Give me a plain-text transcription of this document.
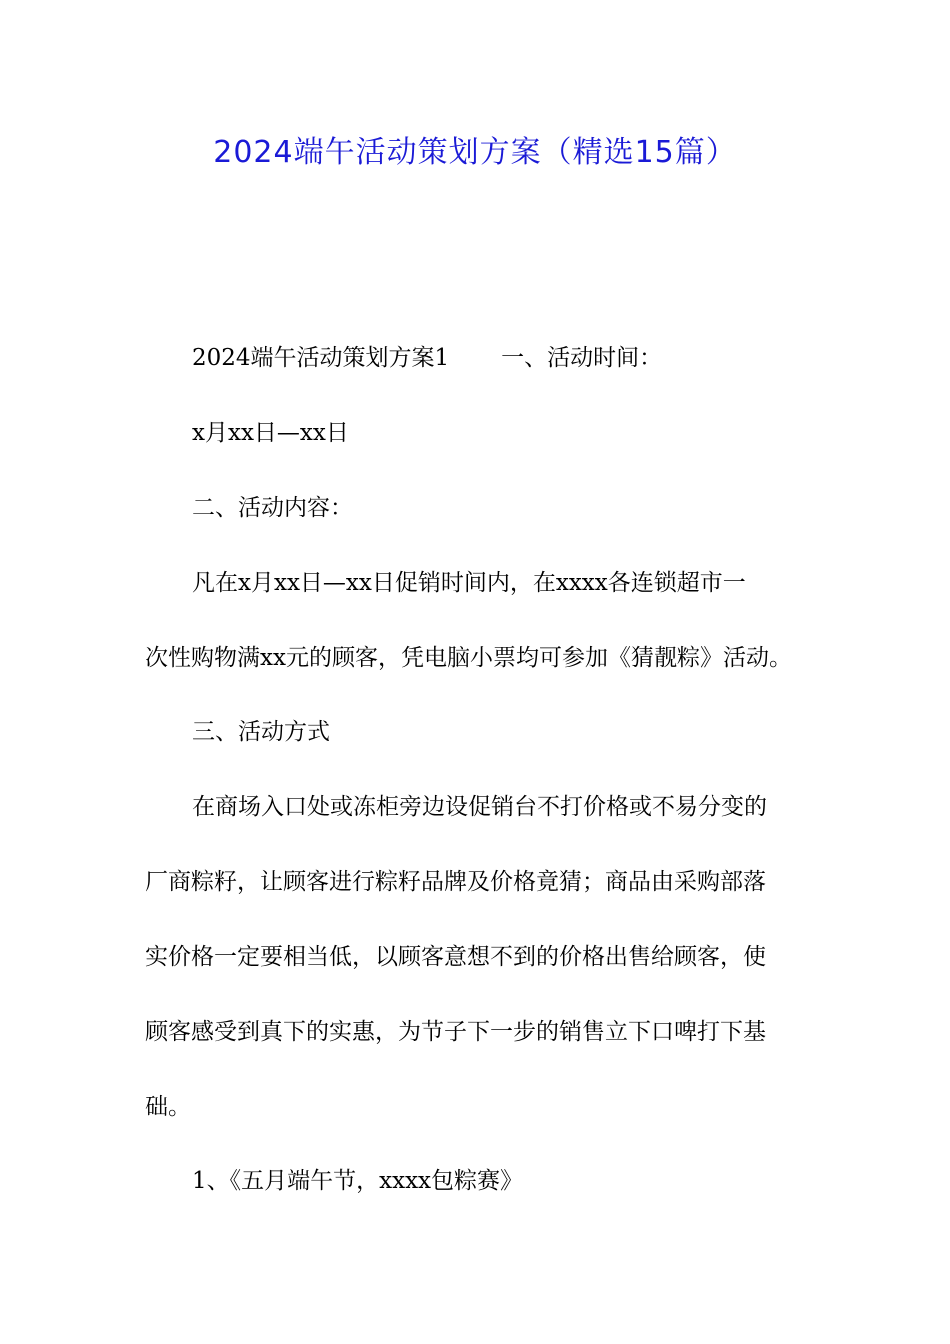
2024端午活动策划方案（精选15篇）
2024端午活动策划方案1 一、活动时间：
x月xx日—xx日
二、活动内容：
凡在x月xx日—xx日促销时间内，在xxxx各连锁超市一
次性购物满xx元的顾客，凭电脑小票均可参加《猜靓粽》活动。
三、活动方式
在商场入口处或冻柜旁边设促销台不打价格或不易分变的
厂商粽籽，让顾客进行粽籽品牌及价格竟猜；商品由采购部落
实价格一定要相当低，以顾客意想不到的价格出售给顾客，使
顾客感受到真下的实惠，为节子下一步的销售立下口啤打下基
础。
1、《五月端午节，xxxx包粽赛》
